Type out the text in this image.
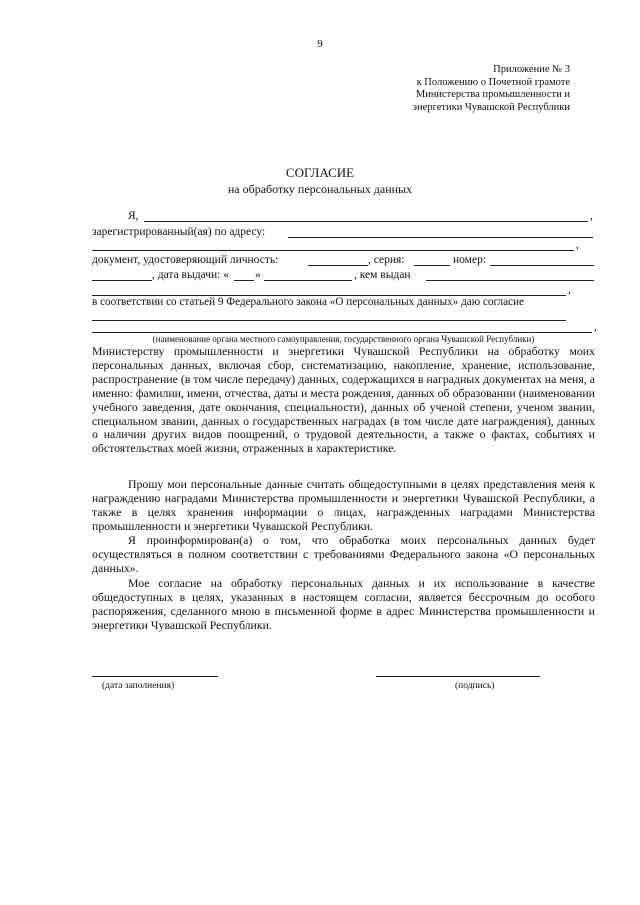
9
Приложение № 3
к Положению о Почетной грамоте
Министерства промышленности и
энергетики Чувашской Республики
СОГЛАСИЕ
на обработку персональных данных
Я,	,
зарегистрированный(ая) по адресу:
,
документ, удостоверяющий личность:	, серия:	номер:
, дата выдачи: « »	, кем выдан
,
в соответствии со статьей 9 Федерального закона «О персональных данных» даю согласие
,
(наименование органа местного самоуправления, государственного органа Чувашской Республики)

Министерству промышленности и энергетики Чувашской Республики на обработку моих персональных данных, включая сбор, систематизацию, накопление, хранение, использование, распространение (в том числе передачу) данных, содержащихся в наградных документах на меня, а именно: фамилии, имени, отчества, даты и места рождения, данных об образовании (наименовании учебного заведения, дате окончания, специальности), данных об ученой степени, ученом звании, специальном звании, данных о государственных наградах (в том числе дате награждения), данных о наличии других видов поощрений, о трудовой деятельности, а также о фактах, событиях и обстоятельствах моей жизни, отраженных в характеристике.

Прошу мои персональные данные считать общедоступными в целях представления меня к награждению наградами Министерства промышленности и энергетики Чувашской Республики, а также в целях хранения информации о лицах, награжденных наградами Министерства промышленности и энергетики Чувашской Республики.

Я проинформирован(а) о том, что обработка моих персональных данных будет осуществляться в полном соответствии с требованиями Федерального закона «О персональных данных».

Мое согласие на обработку персональных данных и их использование в качестве общедоступных в целях, указанных в настоящем согласии, является бессрочным до особого распоряжения, сделанного мною в письменной форме в адрес Министерства промышленности и энергетики Чувашской Республики.

(дата заполнения)	(подпись)
